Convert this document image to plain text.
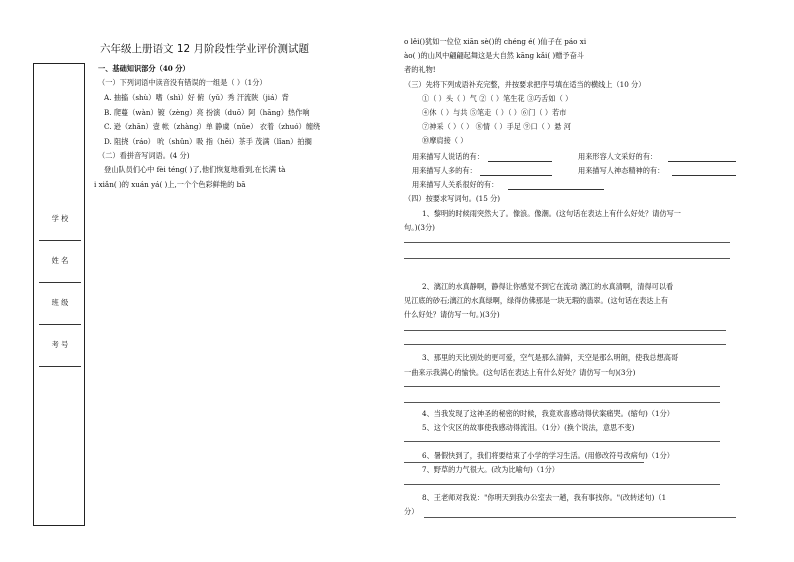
六年级上册语文 12 月阶段性学业评价测试题
学 校
姓 名
班 级
考 号
一、基础知识部分（40 分）
（一）下列词语中读音没有错误的一组是（ ）（1分）
A. 抽搐（shù）嗜（shì）好 俯（yǔ）秀 汗流陕（jiá）背
B. 爬蔓（wàn）镀（zèng）亮 扮演（duō）阿（hāng）热作响
C. 逊（zhān）壹 帐（zhàng）单 静虞（nǔe） 衣着（zhuó）缠绕
D. 阻挠（ráo） 吮（shǔn）吸 指（hēi）茶手 茂满（lǐan）拍搁
（二）看拼音写词语。(4 分)
登山队员们心中 fèi téng( )了,他们恢复地看到,在长满 tà
i xiǎn( )的 xuán yá( )上,一个个色彩鲜艳的 bā
o lěi()犹如一位位 xiān sè()的 chéng é( )仙子在 páo xi
ào( )的山风中翩翩起舞这是大自然 kāng kǎi( )赠予奋斗
者的礼物!
（三）先将下列成语补充完整，并按要求把序号填在适当的横线上（10 分）
①（ ）头（ ）气 ②（ ）笔生花 ③巧舌如（ ）
④休（ ）与共 ⑤笔走（ ）（ ）⑥门（ ）若市
⑦神采（ ）（ ） ⑧情（ ）手足 ⑨口（ ）悬 河
⑩摩肩接（ ）
用来描写人说话的有：	用来形容人文采好的有：
用来描写人多的有：	用来描写人神态精神的有：
用来描写人关系很好的有：
（四）按要求写词句。(15 分)
1、黎明的时候雨突然大了。像浪。像潮。(这句话在表达上有什么好处？请仿写一
句。)(3分)
2、漓江的水真静啊，静得让你感觉不到它在流动 漓江的水真清啊，清得可以看
见江底的砂石;漓江的水真绿啊，绿得仿佛那是一块无瑕的翡翠。(这句话在表达上有
什么好处？请仿写一句。)(3分)
3、那里的天比别处的更可爱，空气是那么清鲜，天空是那么明朗，使我总想高哥
一曲来示我满心的愉快。(这句话在表达上有什么好处？请仿写一句)(3分)
4、当我发现了这神圣的秘密的时候，我竟欢喜感动得伏案痛哭。(缩句)（1分）
5、这个灾区的故事使我感动得流泪。（1分）(换个说法，意思不变)
6、暑假快到了，我们将要结束了小学的学习生活。(用修改符号改病句)（1分）
7、野草的力气很大。(改为比喻句)（1分）
8、王老师对我说："你明天到我办公室去一趟，我有事找你。"(改转述句)（1
分）
